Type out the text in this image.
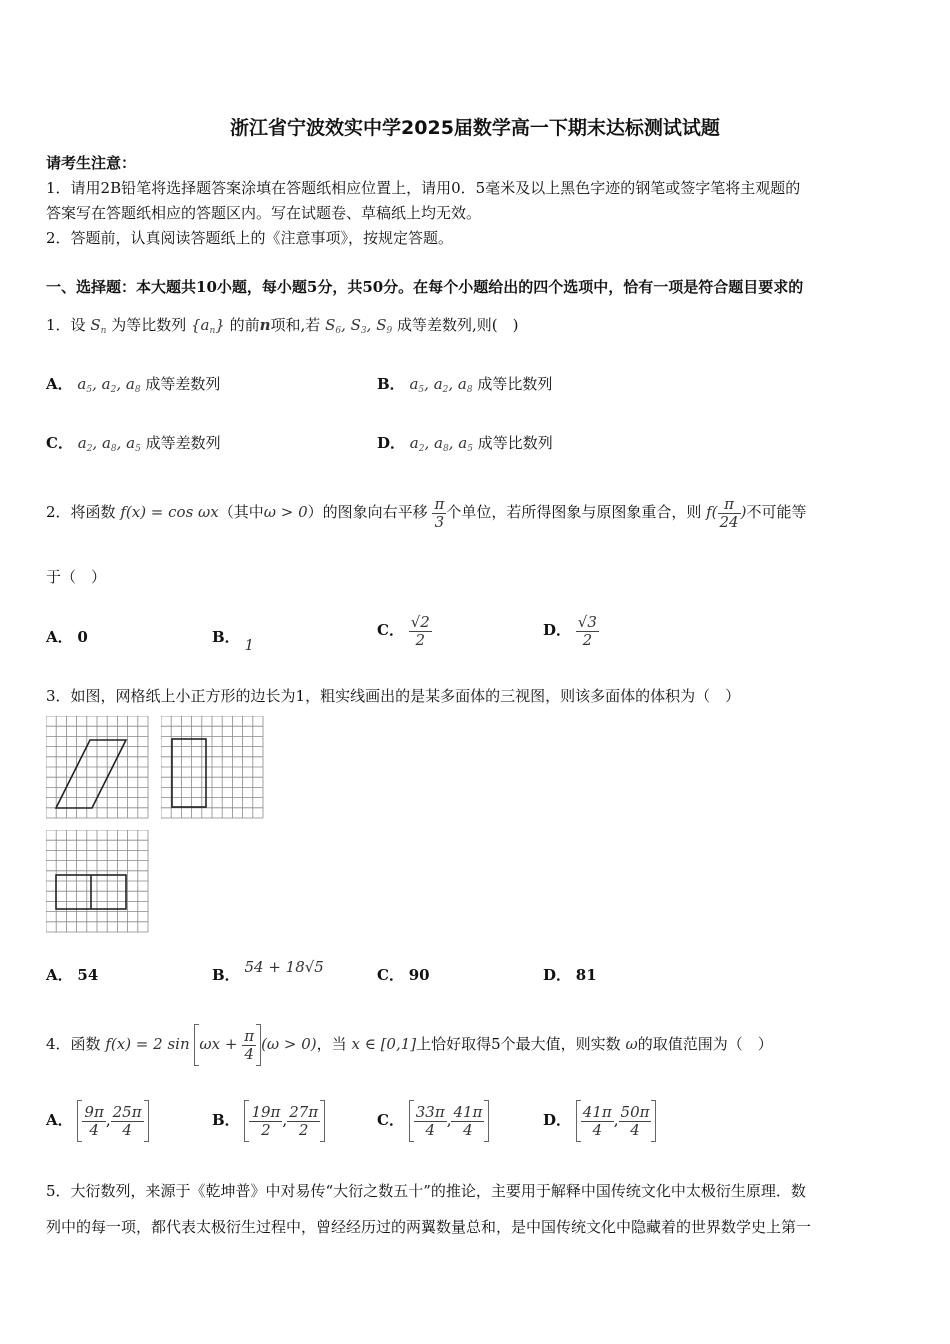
浙江省宁波效实中学2025届数学高一下期末达标测试试题
请考生注意：
1．请用2B铅笔将选择题答案涂填在答题纸相应位置上，请用0．5毫米及以上黑色字迹的钢笔或签字笔将主观题的
答案写在答题纸相应的答题区内。写在试题卷、草稿纸上均无效。
2．答题前，认真阅读答题纸上的《注意事项》，按规定答题。
一、选择题：本大题共10小题，每小题5分，共50分。在每个小题给出的四个选项中，恰有一项是符合题目要求的
1．设 $S_n$ 为等比数列 $\{a_n\}$ 的前n项和,若 $S_6$, $S_3$, $S_9$ 成等差数列,则(　)
A． $a_5$, $a_2$, $a_8$ 成等差数列	B． $a_5$, $a_2$, $a_8$ 成等比数列
C． $a_2$, $a_8$, $a_5$ 成等差数列	D． $a_2$, $a_8$, $a_5$ 成等比数列
2．将函数 f(x) = cos ωx（其中ω > 0）的图象向右平移 $\frac{\pi}{3}$ 个单位，若所得图象与原图象重合，则 $f( \frac{\pi}{24}$ )不可能等
于（　）
A． 0	B． 1
C． $\frac{√2}{2}$	D． $\frac{√3}{2}$
3．如图，网格纸上小正方形的边长为1，粗实线画出的是某多面体的三视图，则该多面体的体积为（　）
A． 54	B． 54 + 18√5	C． 90	D． 81
4．函数 f(x) = 2 $\sin \omega x + \frac{\pi}{4} (\omega > 0)$，当 x ∈ [0,1]上恰好取得5个最大值，则实数 ω的取值范围为（　）
A． $\frac{9\pi}{4}$ , $\frac{25\pi}{4}$	B． $\frac{19\pi}{2}$ , $\frac{27\pi}{2}$	C． $\frac{33\pi}{4}$ , $\frac{41\pi}{4}$	D． $\frac{41\pi}{4}$ , $\frac{50\pi}{4}$
5．大衍数列，来源于《乾坤普》中对易传“大衍之数五十”的推论，主要用于解释中国传统文化中太极衍生原理．数
列中的每一项，都代表太极衍生过程中，曾经经历过的两翼数量总和，是中国传统文化中隐藏着的世界数学史上第一
